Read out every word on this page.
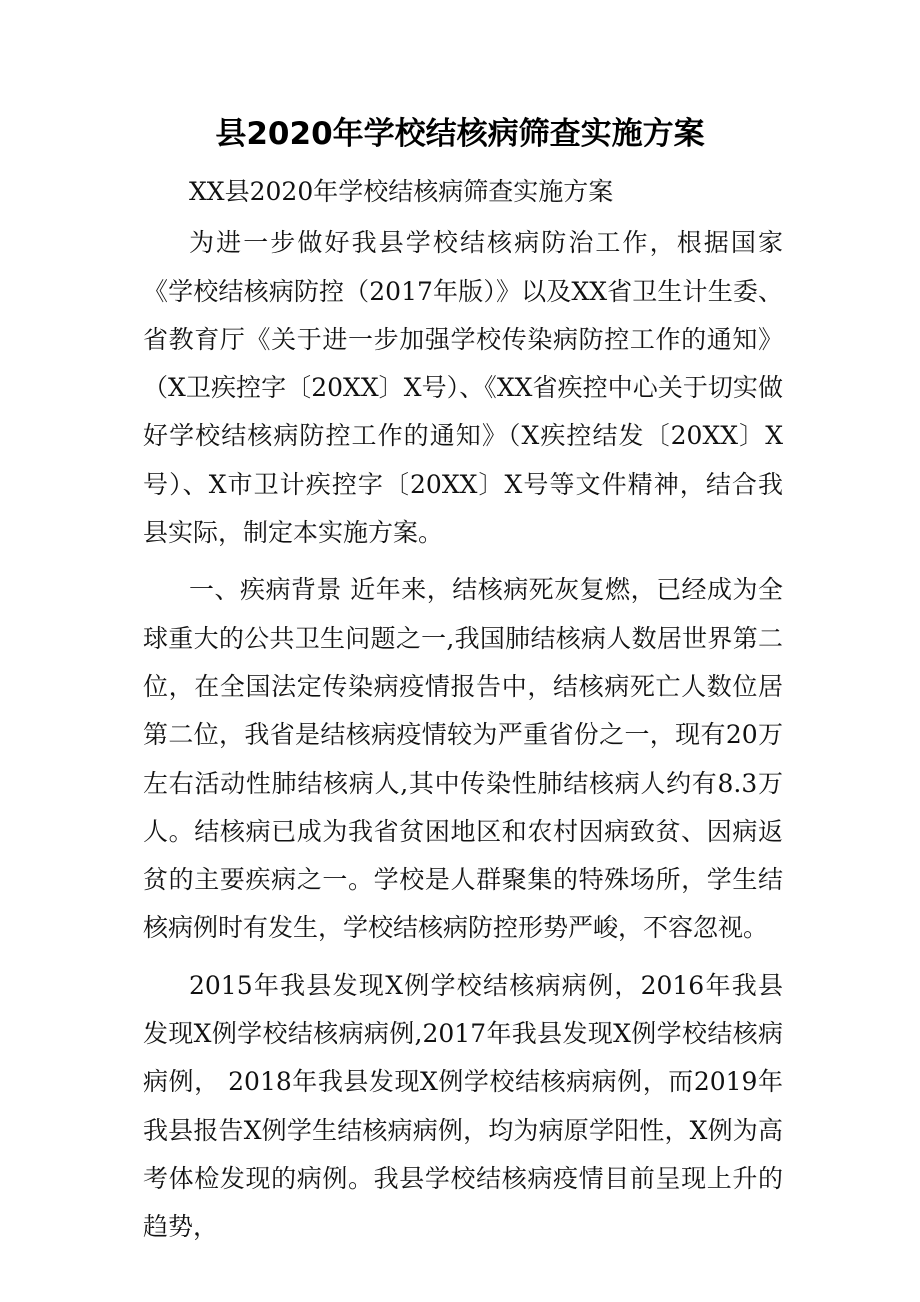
县2020年学校结核病筛查实施方案

XX县2020年学校结核病筛查实施方案

为进一步做好我县学校结核病防治工作，根据国家《学校结核病防控（2017年版）》以及XX省卫生计生委、省教育厅《关于进一步加强学校传染病防控工作的通知》（X卫疾控字〔20XX〕X号）、《XX省疾控中心关于切实做好学校结核病防控工作的通知》（X疾控结发〔20XX〕X号）、X市卫计疾控字〔20XX〕X号等文件精神，结合我县实际，制定本实施方案。

一、疾病背景 近年来，结核病死灰复燃，已经成为全球重大的公共卫生问题之一,我国肺结核病人数居世界第二位，在全国法定传染病疫情报告中，结核病死亡人数位居第二位，我省是结核病疫情较为严重省份之一，现有20万左右活动性肺结核病人,其中传染性肺结核病人约有8.3万人。结核病已成为我省贫困地区和农村因病致贫、因病返贫的主要疾病之一。学校是人群聚集的特殊场所，学生结核病例时有发生，学校结核病防控形势严峻，不容忽视。

2015年我县发现X例学校结核病病例，2016年我县发现X例学校结核病病例,2017年我县发现X例学校结核病病例， 2018年我县发现X例学校结核病病例，而2019年我县报告X例学生结核病病例，均为病原学阳性，X例为高考体检发现的病例。我县学校结核病疫情目前呈现上升的趋势，
